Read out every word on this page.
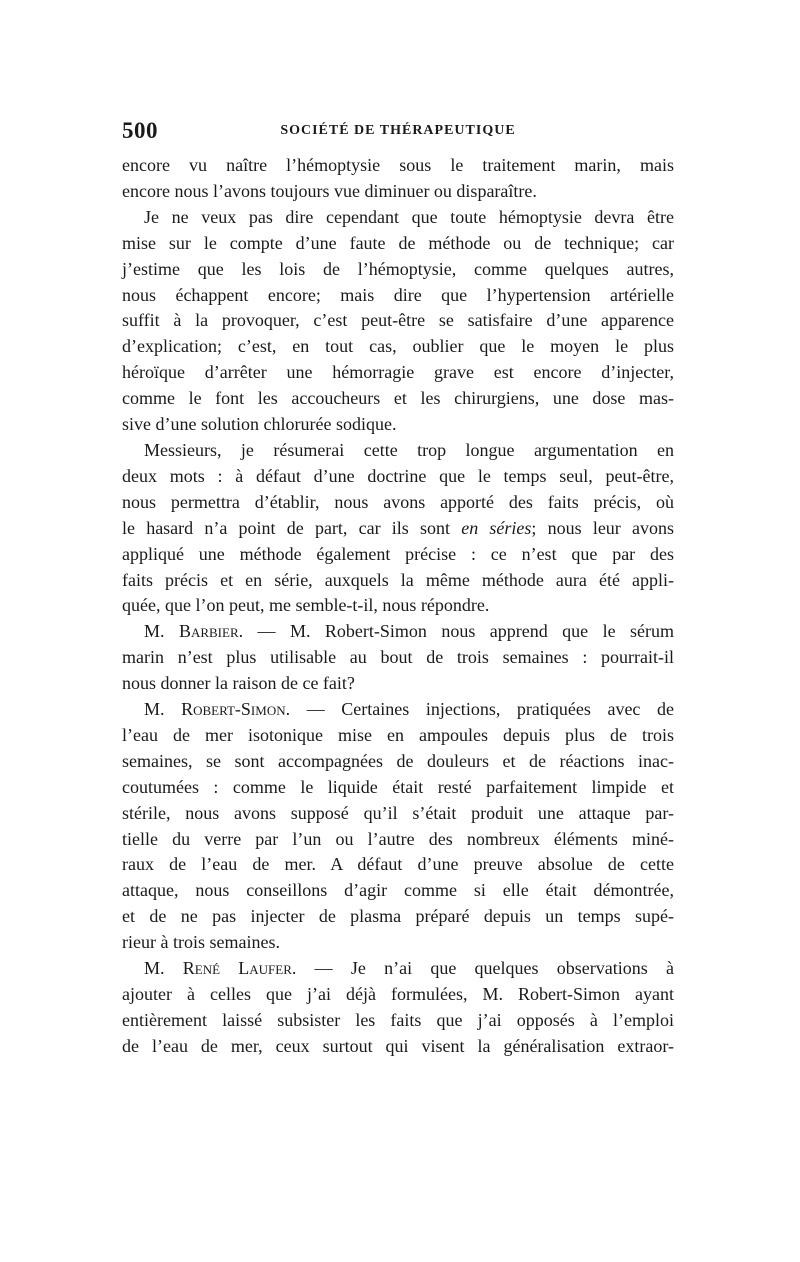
500	SOCIÉTÉ DE THÉRAPEUTIQUE
encore vu naître l’hémoptysie sous le traitement marin, mais
encore nous l’avons toujours vue diminuer ou disparaître.
Je ne veux pas dire cependant que toute hémoptysie devra être
mise sur le compte d’une faute de méthode ou de technique; car
j’estime que les lois de l’hémoptysie, comme quelques autres,
nous échappent encore; mais dire que l’hypertension artérielle
suffit à la provoquer, c’est peut-être se satisfaire d’une apparence
d’explication; c’est, en tout cas, oublier que le moyen le plus
héroïque d’arrêter une hémorragie grave est encore d’injecter,
comme le font les accoucheurs et les chirurgiens, une dose mas-
sive d’une solution chlorurée sodique.
Messieurs, je résumerai cette trop longue argumentation en
deux mots : à défaut d’une doctrine que le temps seul, peut-être,
nous permettra d’établir, nous avons apporté des faits précis, où
le hasard n’a point de part, car ils sont en séries; nous leur avons
appliqué une méthode également précise : ce n’est que par des
faits précis et en série, auxquels la même méthode aura été appli-
quée, que l’on peut, me semble-t-il, nous répondre.
M. Barbier. — M. Robert-Simon nous apprend que le sérum
marin n’est plus utilisable au bout de trois semaines : pourrait-il
nous donner la raison de ce fait?
M. Robert-Simon. — Certaines injections, pratiquées avec de
l’eau de mer isotonique mise en ampoules depuis plus de trois
semaines, se sont accompagnées de douleurs et de réactions inac-
coutumées : comme le liquide était resté parfaitement limpide et
stérile, nous avons supposé qu’il s’était produit une attaque par-
tielle du verre par l’un ou l’autre des nombreux éléments miné-
raux de l’eau de mer. A défaut d’une preuve absolue de cette
attaque, nous conseillons d’agir comme si elle était démontrée,
et de ne pas injecter de plasma préparé depuis un temps supé-
rieur à trois semaines.
M. René Laufer. — Je n’ai que quelques observations à
ajouter à celles que j’ai déjà formulées, M. Robert-Simon ayant
entièrement laissé subsister les faits que j’ai opposés à l’emploi
de l’eau de mer, ceux surtout qui visent la généralisation extraor-
